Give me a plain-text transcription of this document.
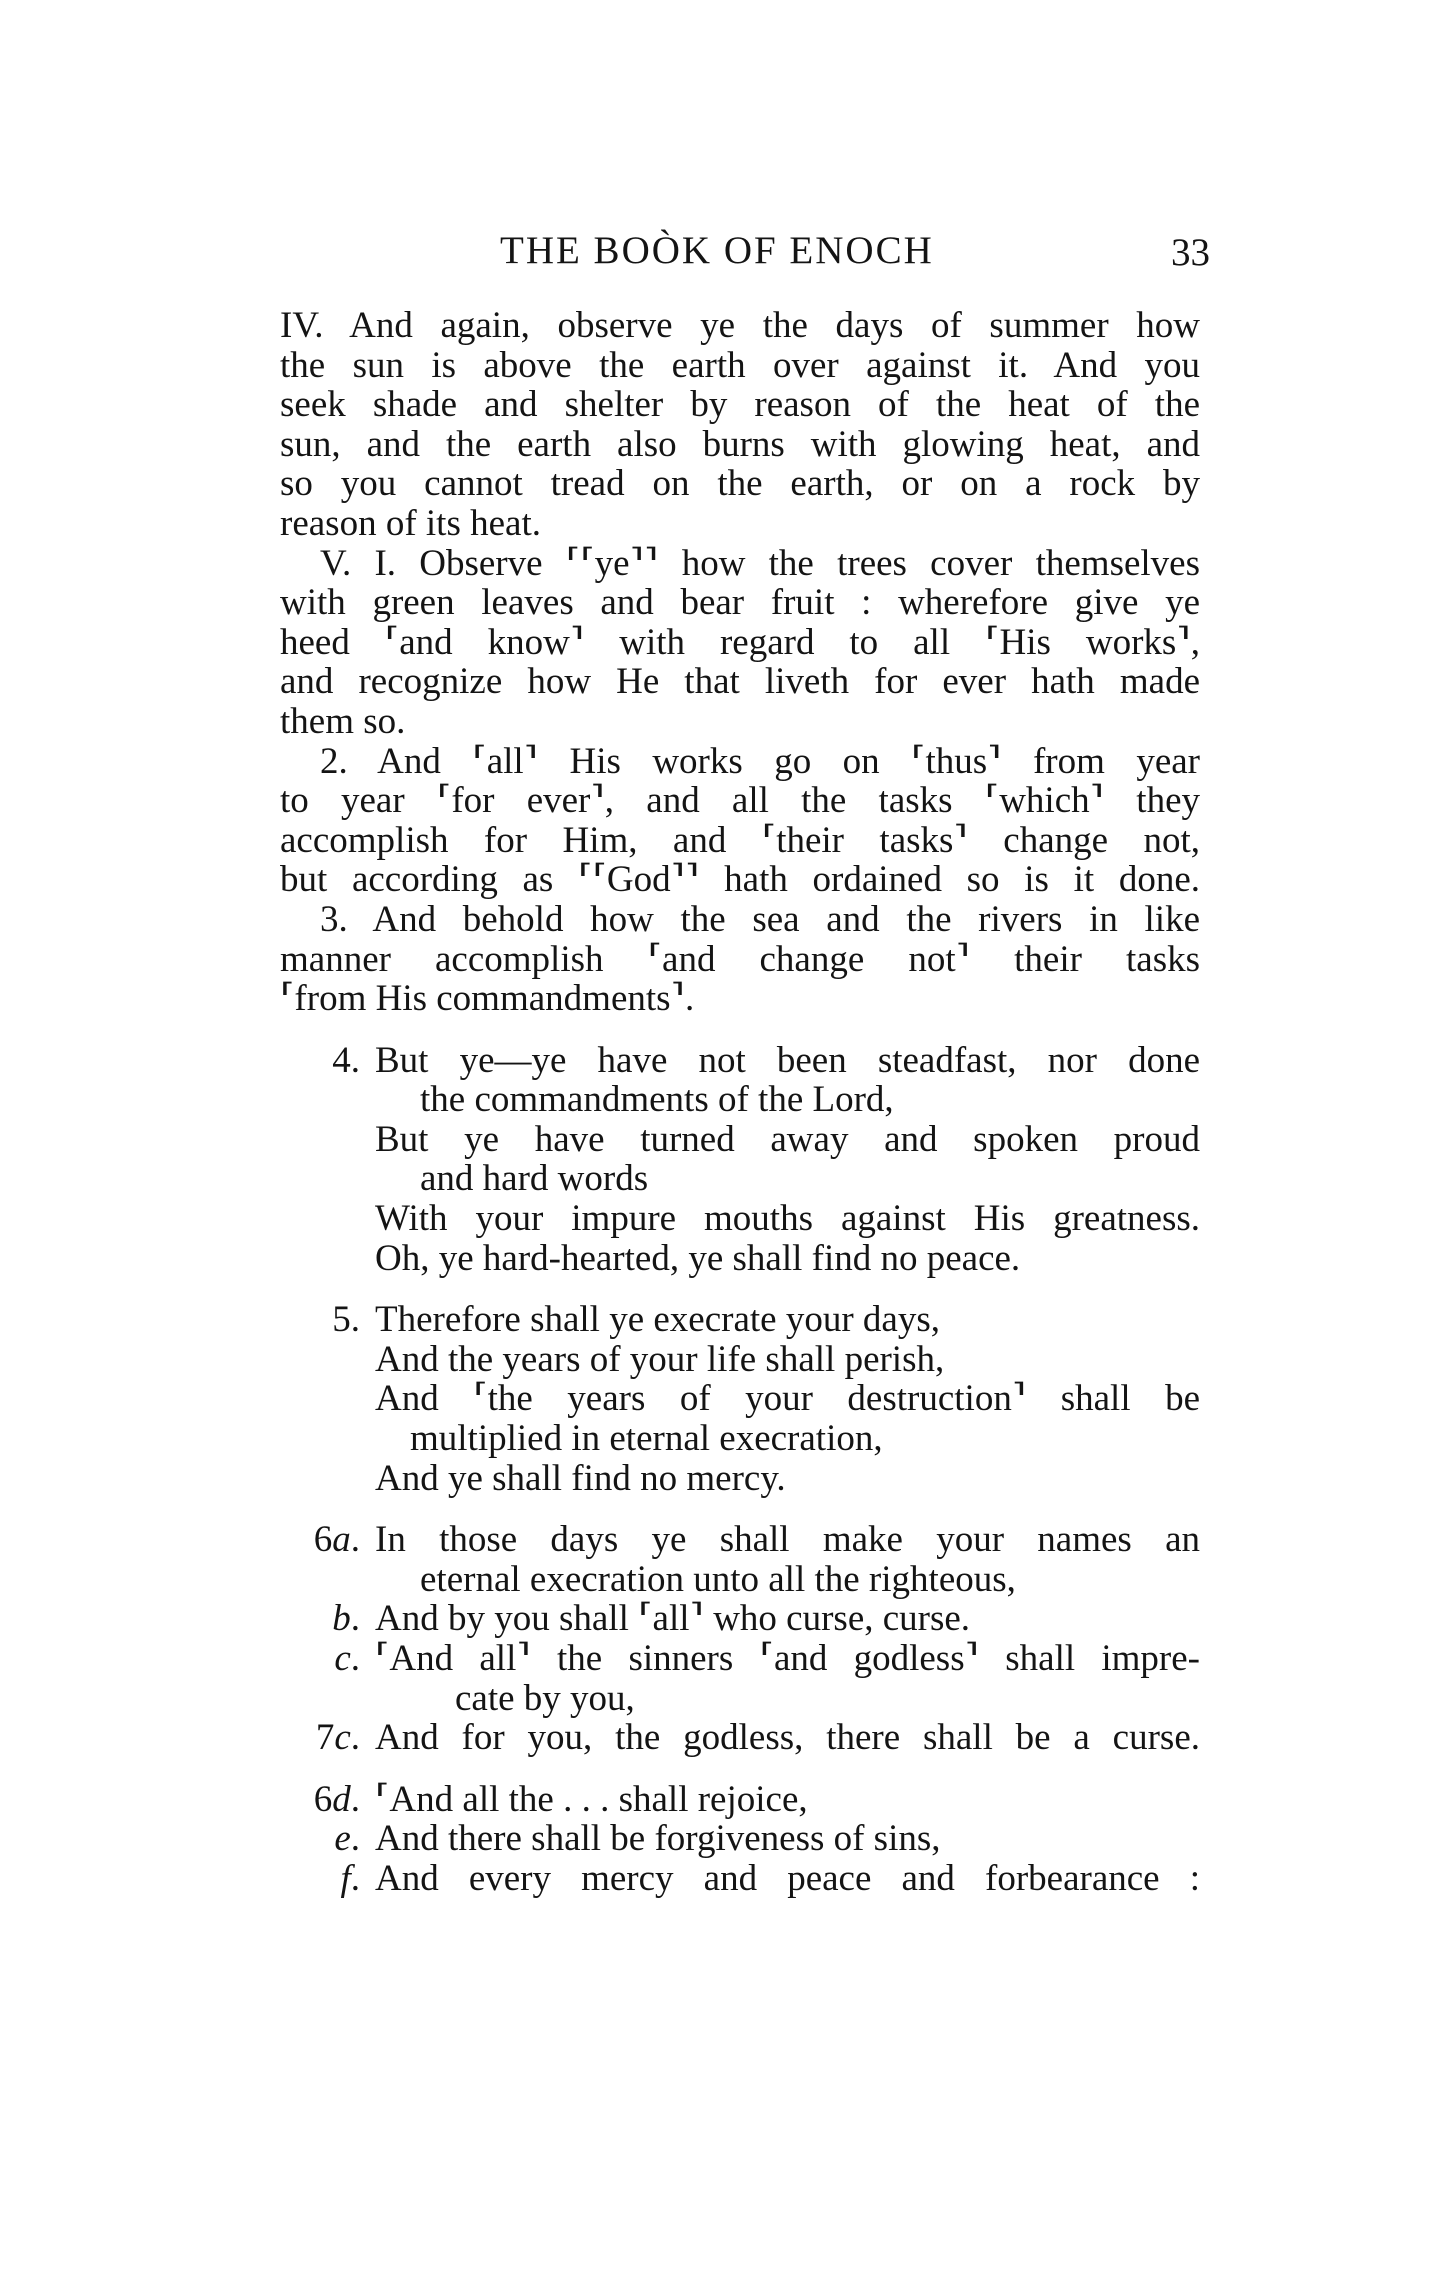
THE BOÒK OF ENOCH	33
IV. And again, observe ye the days of summer how
the sun is above the earth over against it. And you
seek shade and shelter by reason of the heat of the
sun, and the earth also burns with glowing heat, and
so you cannot tread on the earth, or on a rock by
reason of its heat.
V. I. Observe ⸢⸢ye⸣⸣ how the trees cover themselves
with green leaves and bear fruit : wherefore give ye
heed ⸢and know⸣ with regard to all ⸢His works⸣,
and recognize how He that liveth for ever hath made
them so.
2. And ⸢all⸣ His works go on ⸢thus⸣ from year
to year ⸢for ever⸣, and all the tasks ⸢which⸣ they
accomplish for Him, and ⸢their tasks⸣ change not,
but according as ⸢⸢God⸣⸣ hath ordained so is it done.
3. And behold how the sea and the rivers in like
manner accomplish ⸢and change not⸣ their tasks
⸢from His commandments⸣.
4. But ye—ye have not been steadfast, nor done
the commandments of the Lord,
But ye have turned away and spoken proud
and hard words
With your impure mouths against His greatness.
Oh, ye hard-hearted, ye shall find no peace.
5. Therefore shall ye execrate your days,
And the years of your life shall perish,
And ⸢the years of your destruction⸣ shall be
multiplied in eternal execration,
And ye shall find no mercy.
6a. In those days ye shall make your names an
eternal execration unto all the righteous,
b. And by you shall ⸢all⸣ who curse, curse.
c. ⸢And all⸣ the sinners ⸢and godless⸣ shall impre-
cate by you,
7c. And for you, the godless, there shall be a curse.
6d. ⸢And all the . . . shall rejoice,
e. And there shall be forgiveness of sins,
f. And every mercy and peace and forbearance :
